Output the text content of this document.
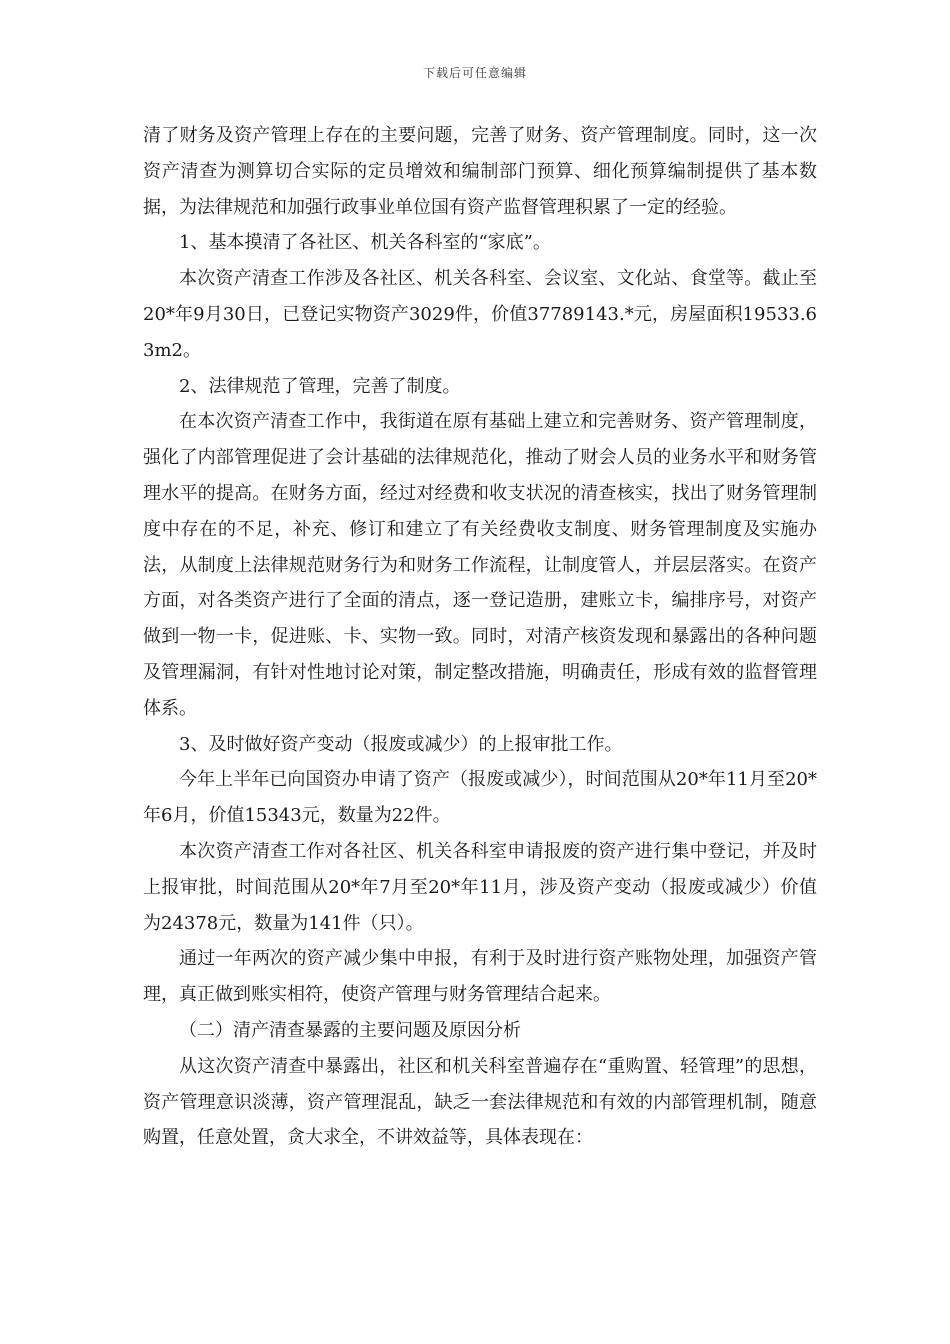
下载后可任意编辑

清了财务及资产管理上存在的主要问题，完善了财务、资产管理制度。同时，这一次资产清查为测算切合实际的定员增效和编制部门预算、细化预算编制提供了基本数据，为法律规范和加强行政事业单位国有资产监督管理积累了一定的经验。

1、基本摸清了各社区、机关各科室的“家底”。

本次资产清查工作涉及各社区、机关各科室、会议室、文化站、食堂等。截止至20*年9月30日，已登记实物资产3029件，价值37789143.*元，房屋面积19533.63m2。

2、法律规范了管理，完善了制度。

在本次资产清查工作中，我街道在原有基础上建立和完善财务、资产管理制度，强化了内部管理促进了会计基础的法律规范化，推动了财会人员的业务水平和财务管理水平的提高。在财务方面，经过对经费和收支状况的清查核实，找出了财务管理制度中存在的不足，补充、修订和建立了有关经费收支制度、财务管理制度及实施办法，从制度上法律规范财务行为和财务工作流程，让制度管人，并层层落实。在资产方面，对各类资产进行了全面的清点，逐一登记造册，建账立卡，编排序号，对资产做到一物一卡，促进账、卡、实物一致。同时，对清产核资发现和暴露出的各种问题及管理漏洞，有针对性地讨论对策，制定整改措施，明确责任，形成有效的监督管理体系。

3、及时做好资产变动（报废或减少）的上报审批工作。

今年上半年已向国资办申请了资产（报废或减少），时间范围从20*年11月至20*年6月，价值15343元，数量为22件。

本次资产清查工作对各社区、机关各科室申请报废的资产进行集中登记，并及时上报审批，时间范围从20*年7月至20*年11月，涉及资产变动（报废或减少）价值为24378元，数量为141件（只）。

通过一年两次的资产减少集中申报，有利于及时进行资产账物处理，加强资产管理，真正做到账实相符，使资产管理与财务管理结合起来。

（二）清产清查暴露的主要问题及原因分析

从这次资产清查中暴露出，社区和机关科室普遍存在“重购置、轻管理”的思想，资产管理意识淡薄，资产管理混乱，缺乏一套法律规范和有效的内部管理机制，随意购置，任意处置，贪大求全，不讲效益等，具体表现在：
